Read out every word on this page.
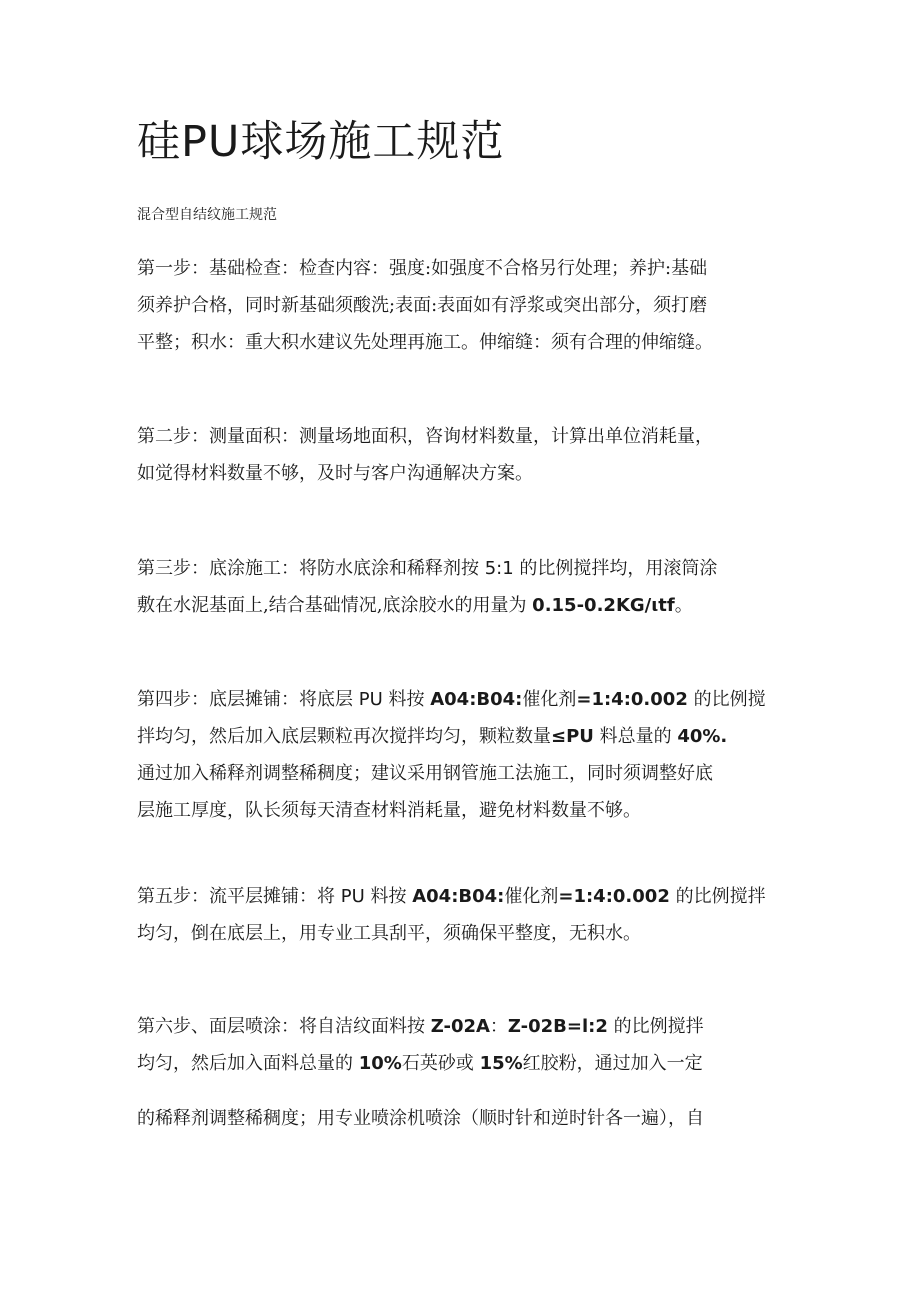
硅PU球场施工规范
混合型自结纹施工规范
第一步：基础检查：检查内容：强度:如强度不合格另行处理；养护:基础
须养护合格，同时新基础须酸洗;表面:表面如有浮浆或突出部分，须打磨
平整；积水：重大积水建议先处理再施工。伸缩缝：须有合理的伸缩缝。
第二步：测量面积：测量场地面积，咨询材料数量，计算出单位消耗量，
如觉得材料数量不够，及时与客户沟通解决方案。
第三步：底涂施工：将防水底涂和稀释剂按 5:1 的比例搅拌均，用滚筒涂
敷在水泥基面上,结合基础情况,底涂胶水的用量为 0.15-0.2KG/ιtf。
第四步：底层摊铺：将底层 PU 料按 A04:B04:催化剂=1:4:0.002 的比例搅
拌均匀，然后加入底层颗粒再次搅拌均匀，颗粒数量≤PU 料总量的 40%.
通过加入稀释剂调整稀稠度；建议采用钢管施工法施工，同时须调整好底
层施工厚度，队长须每天清查材料消耗量，避免材料数量不够。
第五步：流平层摊铺：将 PU 料按 A04:B04:催化剂=1:4:0.002 的比例搅拌
均匀，倒在底层上，用专业工具刮平，须确保平整度，无积水。
第六步、面层喷涂：将自洁纹面料按 Z-02A：Z-02B=l:2 的比例搅拌
均匀，然后加入面料总量的 10%石英砂或 15%红胶粉，通过加入一定
的稀释剂调整稀稠度；用专业喷涂机喷涂（顺时针和逆时针各一遍），自
